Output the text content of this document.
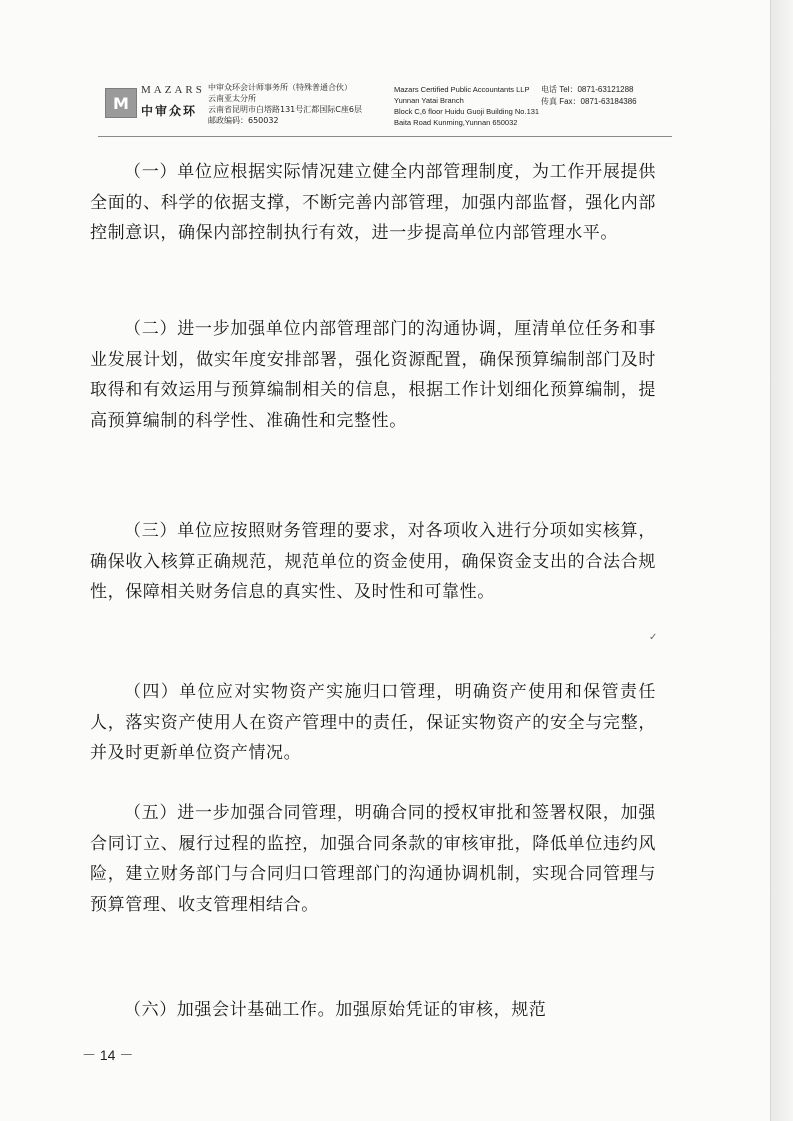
M
MAZARS
中审众环
中审众环会计师事务所（特殊普通合伙）
云南亚太分所
云南省昆明市白塔路131号汇都国际C座6层
邮政编码：650032
Mazars Certified Public Accountants LLP
Yunnan Yatai Branch
Block C,6 floor Huidu Guoji Building No.131
Baita Road Kunming,Yunnan 650032
电话 Tel：0871-63121288
传真 Fax：0871-63184386

（一）单位应根据实际情况建立健全内部管理制度，为工作开展提供全面的、科学的依据支撑，不断完善内部管理，加强内部监督，强化内部控制意识，确保内部控制执行有效，进一步提高单位内部管理水平。

（二）进一步加强单位内部管理部门的沟通协调，厘清单位任务和事业发展计划，做实年度安排部署，强化资源配置，确保预算编制部门及时取得和有效运用与预算编制相关的信息，根据工作计划细化预算编制，提高预算编制的科学性、准确性和完整性。

（三）单位应按照财务管理的要求，对各项收入进行分项如实核算，确保收入核算正确规范，规范单位的资金使用，确保资金支出的合法合规性，保障相关财务信息的真实性、及时性和可靠性。

（四）单位应对实物资产实施归口管理，明确资产使用和保管责任人，落实资产使用人在资产管理中的责任，保证实物资产的安全与完整，并及时更新单位资产情况。

（五）进一步加强合同管理，明确合同的授权审批和签署权限，加强合同订立、履行过程的监控，加强合同条款的审核审批，降低单位违约风险，建立财务部门与合同归口管理部门的沟通协调机制，实现合同管理与预算管理、收支管理相结合。

（六）加强会计基础工作。加强原始凭证的审核，规范

✓
－ 14 －
